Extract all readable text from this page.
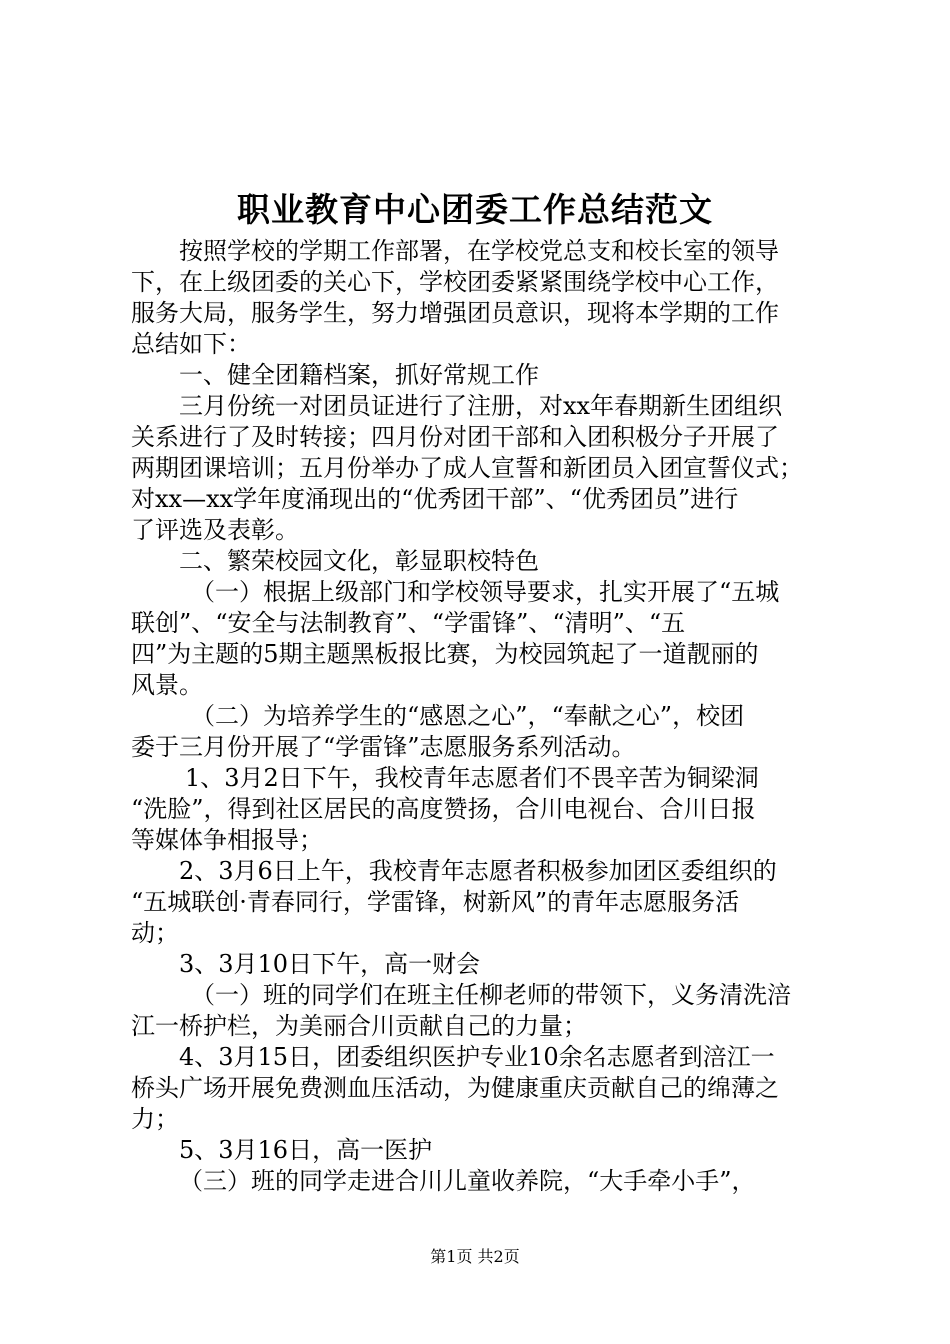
职业教育中心团委工作总结范文
按照学校的学期工作部署，在学校党总支和校长室的领导
下，在上级团委的关心下，学校团委紧紧围绕学校中心工作，
服务大局，服务学生，努力增强团员意识，现将本学期的工作
总结如下：
一、健全团籍档案，抓好常规工作
三月份统一对团员证进行了注册，对xx年春期新生团组织
关系进行了及时转接；四月份对团干部和入团积极分子开展了
两期团课培训；五月份举办了成人宣誓和新团员入团宣誓仪式；
对xx—xx学年度涌现出的“优秀团干部”、“优秀团员”进行
了评选及表彰。
二、繁荣校园文化，彰显职校特色
（一）根据上级部门和学校领导要求，扎实开展了“五城
联创”、“安全与法制教育”、“学雷锋”、“清明”、“五
四”为主题的5期主题黑板报比赛，为校园筑起了一道靓丽的
风景。
（二）为培养学生的“感恩之心”，“奉献之心”，校团
委于三月份开展了“学雷锋”志愿服务系列活动。
1、3月2日下午，我校青年志愿者们不畏辛苦为铜梁洞
“洗脸”，得到社区居民的高度赞扬，合川电视台、合川日报
等媒体争相报导；
2、3月6日上午，我校青年志愿者积极参加团区委组织的
“五城联创·青春同行，学雷锋，树新风”的青年志愿服务活
动；
3、3月10日下午，高一财会
（一）班的同学们在班主任柳老师的带领下，义务清洗涪
江一桥护栏，为美丽合川贡献自己的力量；
4、3月15日，团委组织医护专业10余名志愿者到涪江一
桥头广场开展免费测血压活动，为健康重庆贡献自己的绵薄之
力；
5、3月16日，高一医护
（三）班的同学走进合川儿童收养院，“大手牵小手”，
第1页 共2页
